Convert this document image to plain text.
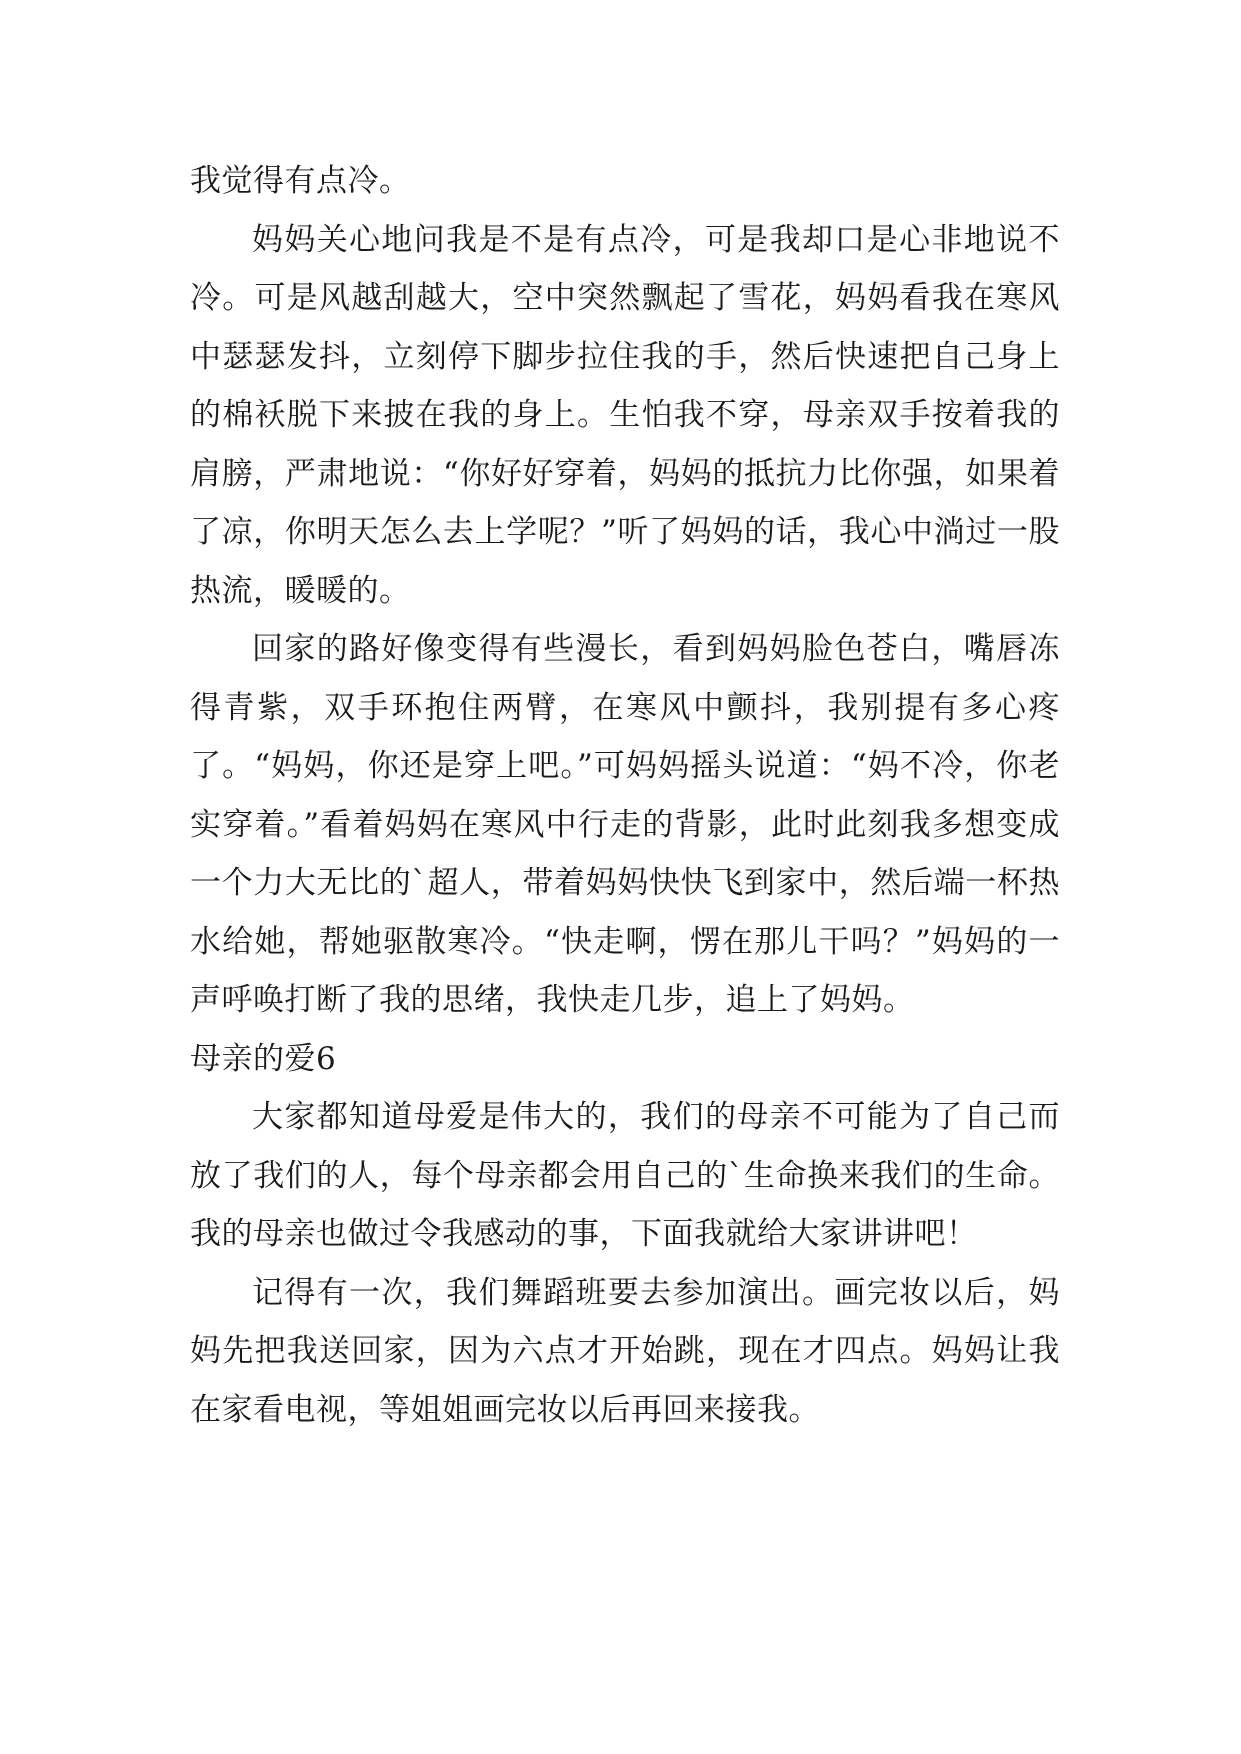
我觉得有点冷。

妈妈关心地问我是不是有点冷，可是我却口是心非地说不冷。可是风越刮越大，空中突然飘起了雪花，妈妈看我在寒风中瑟瑟发抖，立刻停下脚步拉住我的手，然后快速把自己身上的棉袄脱下来披在我的身上。生怕我不穿，母亲双手按着我的肩膀，严肃地说：“你好好穿着，妈妈的抵抗力比你强，如果着了凉，你明天怎么去上学呢？”听了妈妈的话，我心中淌过一股热流，暖暖的。

回家的路好像变得有些漫长，看到妈妈脸色苍白，嘴唇冻得青紫，双手环抱住两臂，在寒风中颤抖，我别提有多心疼了。“妈妈，你还是穿上吧。”可妈妈摇头说道：“妈不冷，你老实穿着。”看着妈妈在寒风中行走的背影，此时此刻我多想变成一个力大无比的`超人，带着妈妈快快飞到家中，然后端一杯热水给她，帮她驱散寒冷。“快走啊，愣在那儿干吗？”妈妈的一声呼唤打断了我的思绪，我快走几步，追上了妈妈。

母亲的爱6

大家都知道母爱是伟大的，我们的母亲不可能为了自己而放了我们的人，每个母亲都会用自己的`生命换来我们的生命。我的母亲也做过令我感动的事，下面我就给大家讲讲吧！

记得有一次，我们舞蹈班要去参加演出。画完妆以后，妈妈先把我送回家，因为六点才开始跳，现在才四点。妈妈让我在家看电视，等姐姐画完妆以后再回来接我。
